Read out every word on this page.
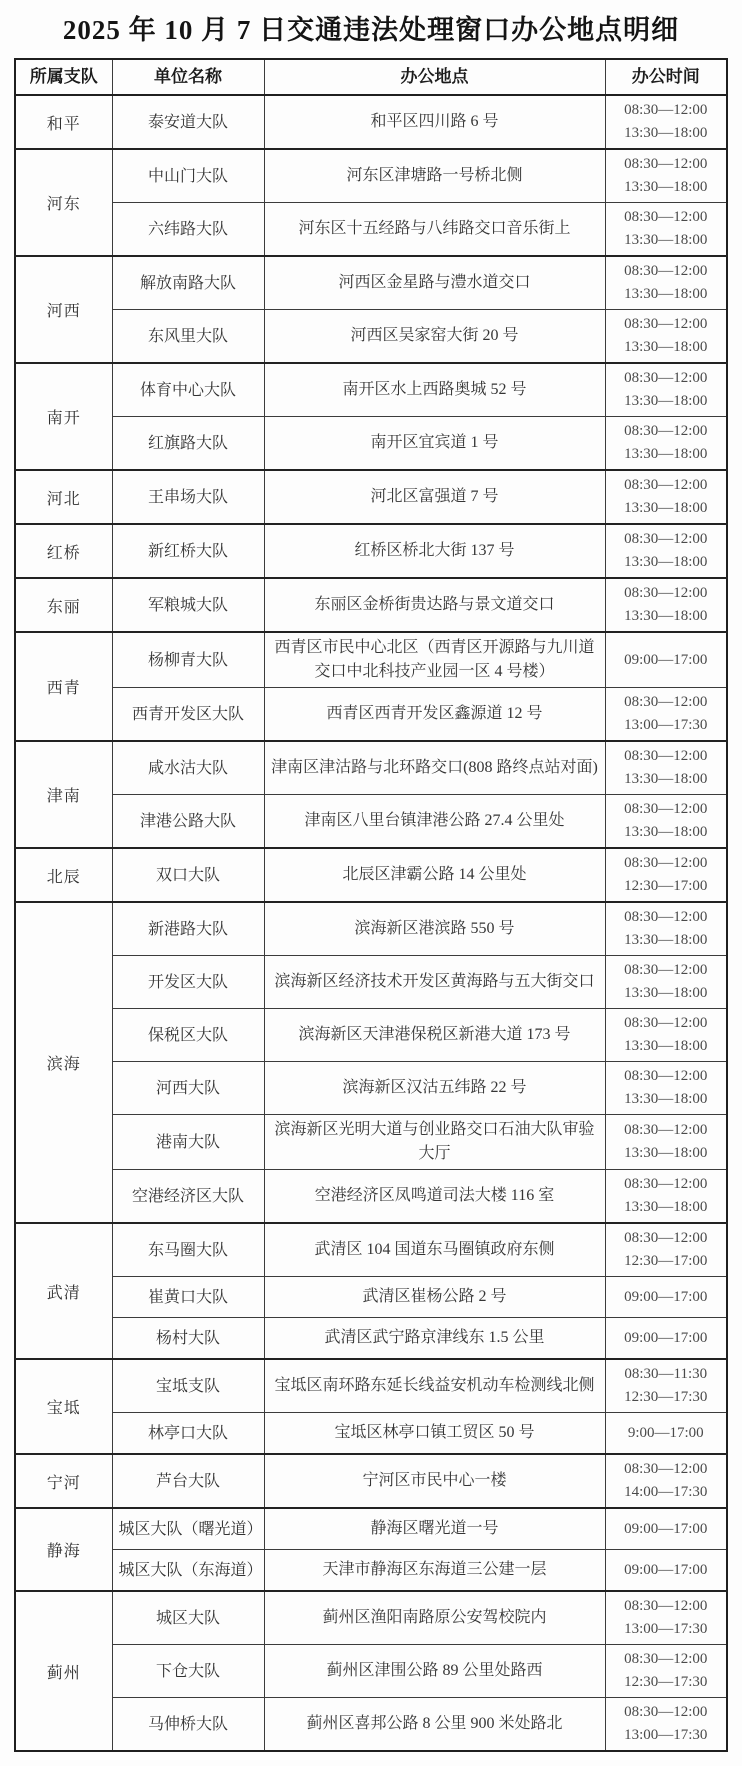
2025 年 10 月 7 日交通违法处理窗口办公地点明细
所属支队	单位名称	办公地点	办公时间
和平	泰安道大队	和平区四川路 6 号	08:30—12:00
13:30—18:00

河东	中山门大队	河东区津塘路一号桥北侧	08:30—12:00
13:30—18:00

	六纬路大队	河东区十五经路与八纬路交口音乐街上	08:30—12:00
13:30—18:00

河西	解放南路大队	河西区金星路与澧水道交口	08:30—12:00
13:30—18:00

	东风里大队	河西区吴家窑大街 20 号	08:30—12:00
13:30—18:00

南开	体育中心大队	南开区水上西路奥城 52 号	08:30—12:00
13:30—18:00

	红旗路大队	南开区宜宾道 1 号	08:30—12:00
13:30—18:00

河北	王串场大队	河北区富强道 7 号	08:30—12:00
13:30—18:00

红桥	新红桥大队	红桥区桥北大街 137 号	08:30—12:00
13:30—18:00

东丽	军粮城大队	东丽区金桥街贵达路与景文道交口	08:30—12:00
13:30—18:00

西青	杨柳青大队	西青区市民中心北区（西青区开源路与九川道交口中北科技产业园一区 4 号楼）	09:00—17:00

	西青开发区大队	西青区西青开发区鑫源道 12 号	08:30—12:00
13:00—17:30

津南	咸水沽大队	津南区津沽路与北环路交口(808 路终点站对面)	08:30—12:00
13:30—18:00

	津港公路大队	津南区八里台镇津港公路 27.4 公里处	08:30—12:00
13:30—18:00

北辰	双口大队	北辰区津霸公路 14 公里处	08:30—12:00
12:30—17:00

滨海	新港路大队	滨海新区港滨路 550 号	08:30—12:00
13:30—18:00

	开发区大队	滨海新区经济技术开发区黄海路与五大街交口	08:30—12:00
13:30—18:00

	保税区大队	滨海新区天津港保税区新港大道 173 号	08:30—12:00
13:30—18:00

	河西大队	滨海新区汉沽五纬路 22 号	08:30—12:00
13:30—18:00

	港南大队	滨海新区光明大道与创业路交口石油大队审验大厅	08:30—12:00
13:30—18:00

	空港经济区大队	空港经济区凤鸣道司法大楼 116 室	08:30—12:00
13:30—18:00

武清	东马圈大队	武清区 104 国道东马圈镇政府东侧	08:30—12:00
12:30—17:00

	崔黄口大队	武清区崔杨公路 2 号	09:00—17:00

	杨村大队	武清区武宁路京津线东 1.5 公里	09:00—17:00

宝坻	宝坻支队	宝坻区南环路东延长线益安机动车检测线北侧	08:30—11:30
12:30—17:30

	林亭口大队	宝坻区林亭口镇工贸区 50 号	9:00—17:00

宁河	芦台大队	宁河区市民中心一楼	08:30—12:00
14:00—17:30

静海	城区大队（曙光道）	静海区曙光道一号	09:00—17:00

	城区大队（东海道）	天津市静海区东海道三公建一层	09:00—17:00

蓟州	城区大队	蓟州区渔阳南路原公安驾校院内	08:30—12:00
13:00—17:30

	下仓大队	蓟州区津围公路 89 公里处路西	08:30—12:00
12:30—17:30

	马伸桥大队	蓟州区喜邦公路 8 公里 900 米处路北	08:30—12:00
13:00—17:30
